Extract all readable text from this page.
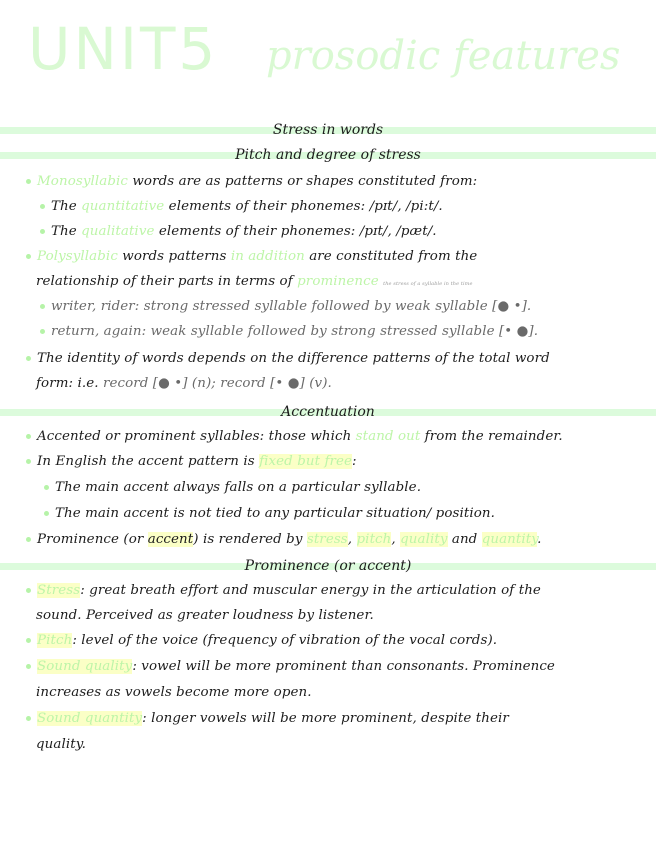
UNIT5 prosodic features
Stress in words
Pitch and degree of stress
Monosyllabic words are as patterns or shapes constituted from:
The quantitative elements of their phonemes: /pɪt/, /pi:t/.
The qualitative elements of their phonemes: /pɪt/, /pæt/.
Polysyllabic words patterns in addition are constituted from the
relationship of their parts in terms of prominence the stress of a syllable in the time
writer, rider: strong stressed syllable followed by weak syllable [● •].
return, again: weak syllable followed by strong stressed syllable [• ●].
The identity of words depends on the difference patterns of the total word
form: i.e. record [● •] (n); record [• ●] (v).
Accentuation
Accented or prominent syllables: those which stand out from the remainder.
In English the accent pattern is fixed but free:
The main accent always falls on a particular syllable.
The main accent is not tied to any particular situation/ position.
Prominence (or accent) is rendered by stress, pitch, quality and quantity.
Prominence (or accent)
Stress: great breath effort and muscular energy in the articulation of the
sound. Perceived as greater loudness by listener.
Pitch: level of the voice (frequency of vibration of the vocal cords).
Sound quality: vowel will be more prominent than consonants. Prominence
increases as vowels become more open.
Sound quantity: longer vowels will be more prominent, despite their
quality.
